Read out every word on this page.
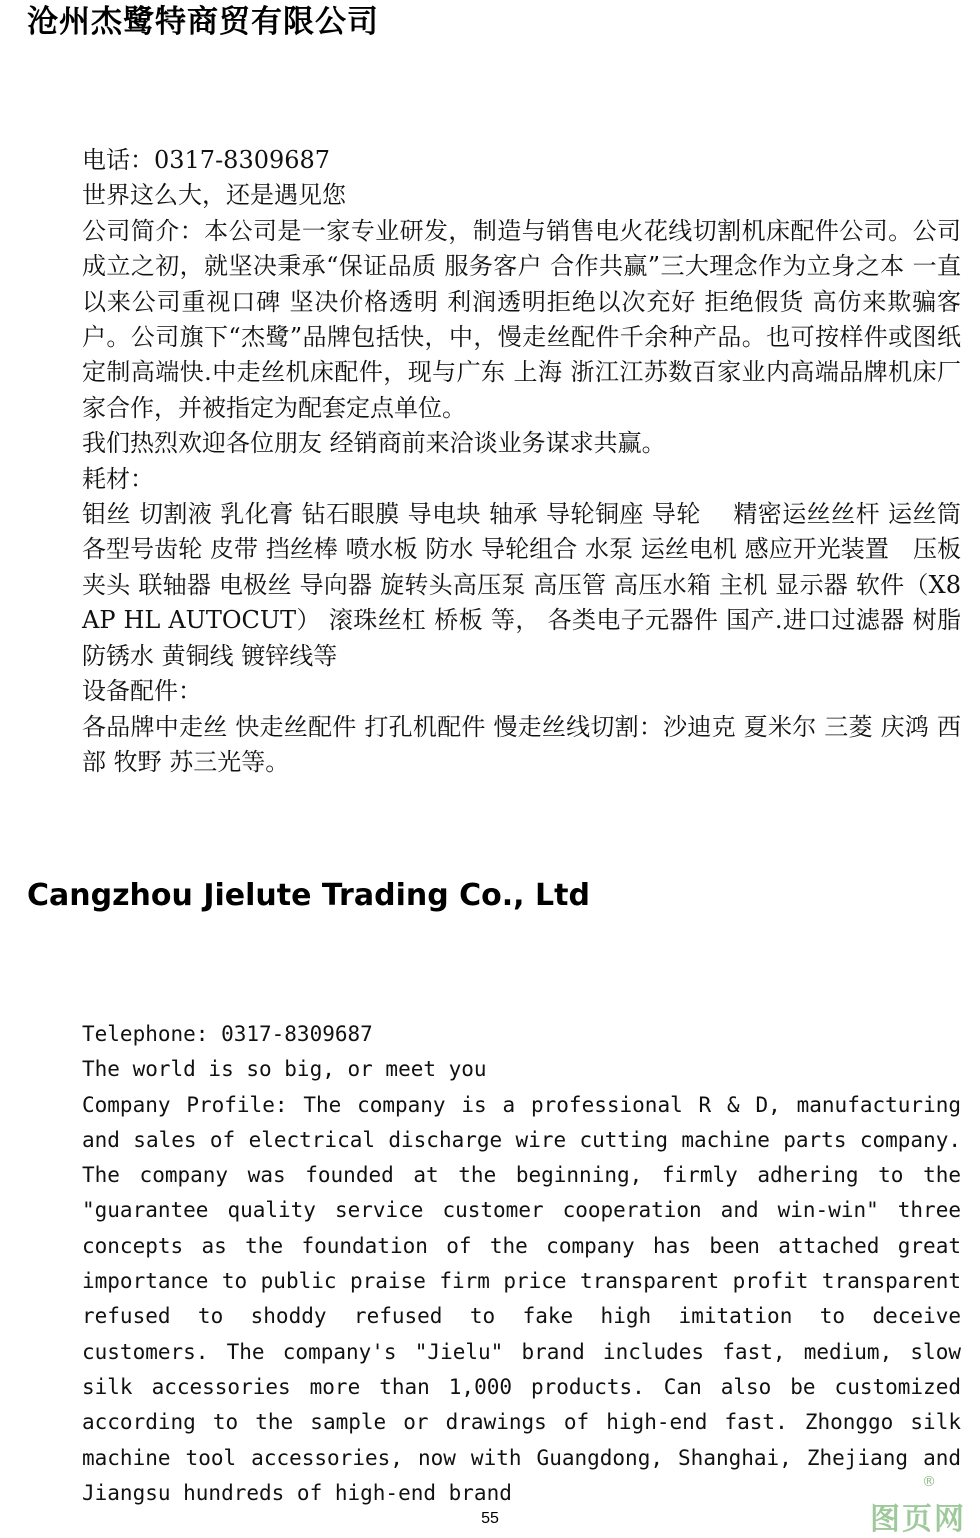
沧州杰鹭特商贸有限公司

电话：0317-8309687

世界这么大，还是遇见您

公司简介：本公司是一家专业研发，制造与销售电火花线切割机床配件公司。公司成立之初，就坚决秉承“保证品质 服务客户 合作共赢”三大理念作为立身之本 一直以来公司重视口碑 坚决价格透明 利润透明拒绝以次充好 拒绝假货 高仿来欺骗客户。公司旗下“杰鹭”品牌包括快，中，慢走丝配件千余种产品。也可按样件或图纸定制高端快.中走丝机床配件，现与广东 上海 浙江江苏数百家业内高端品牌机床厂家合作，并被指定为配套定点单位。

我们热烈欢迎各位朋友 经销商前来洽谈业务谋求共赢。

耗材：

钼丝 切割液 乳化膏 钻石眼膜 导电块 轴承 导轮铜座 导轮　 精密运丝丝杆 运丝筒 各型号齿轮 皮带 挡丝棒 喷水板 防水 导轮组合 水泵 运丝电机 感应开光装置　压板 夹头 联轴器 电极丝 导向器 旋转头高压泵 高压管 高压水箱 主机 显示器 软件（X8 AP HL AUTOCUT） 滚珠丝杠 桥板 等， 各类电子元器件 国产.进口过滤器 树脂 防锈水 黄铜线 镀锌线等

设备配件：

各品牌中走丝 快走丝配件 打孔机配件 慢走丝线切割：沙迪克 夏米尔 三菱 庆鸿 西部 牧野 苏三光等。

Cangzhou Jielute Trading Co., Ltd

Telephone: 0317-8309687

The world is so big, or meet you

Company Profile: The company is a professional R & D, manufacturing and sales of electrical discharge wire cutting machine parts company. The company was founded at the beginning, firmly adhering to the "guarantee quality service customer cooperation and win-win" three concepts as the foundation of the company has been attached great importance to public praise firm price transparent profit transparent refused to shoddy refused to fake high imitation to deceive customers. The company's "Jielu" brand includes fast, medium, slow silk accessories more than 1,000 products. Can also be customized according to the sample or drawings of high-end fast. Zhonggo silk machine tool accessories, now with Guangdong, Shanghai, Zhejiang and Jiangsu hundreds of high-end brand

55
®
图页网
